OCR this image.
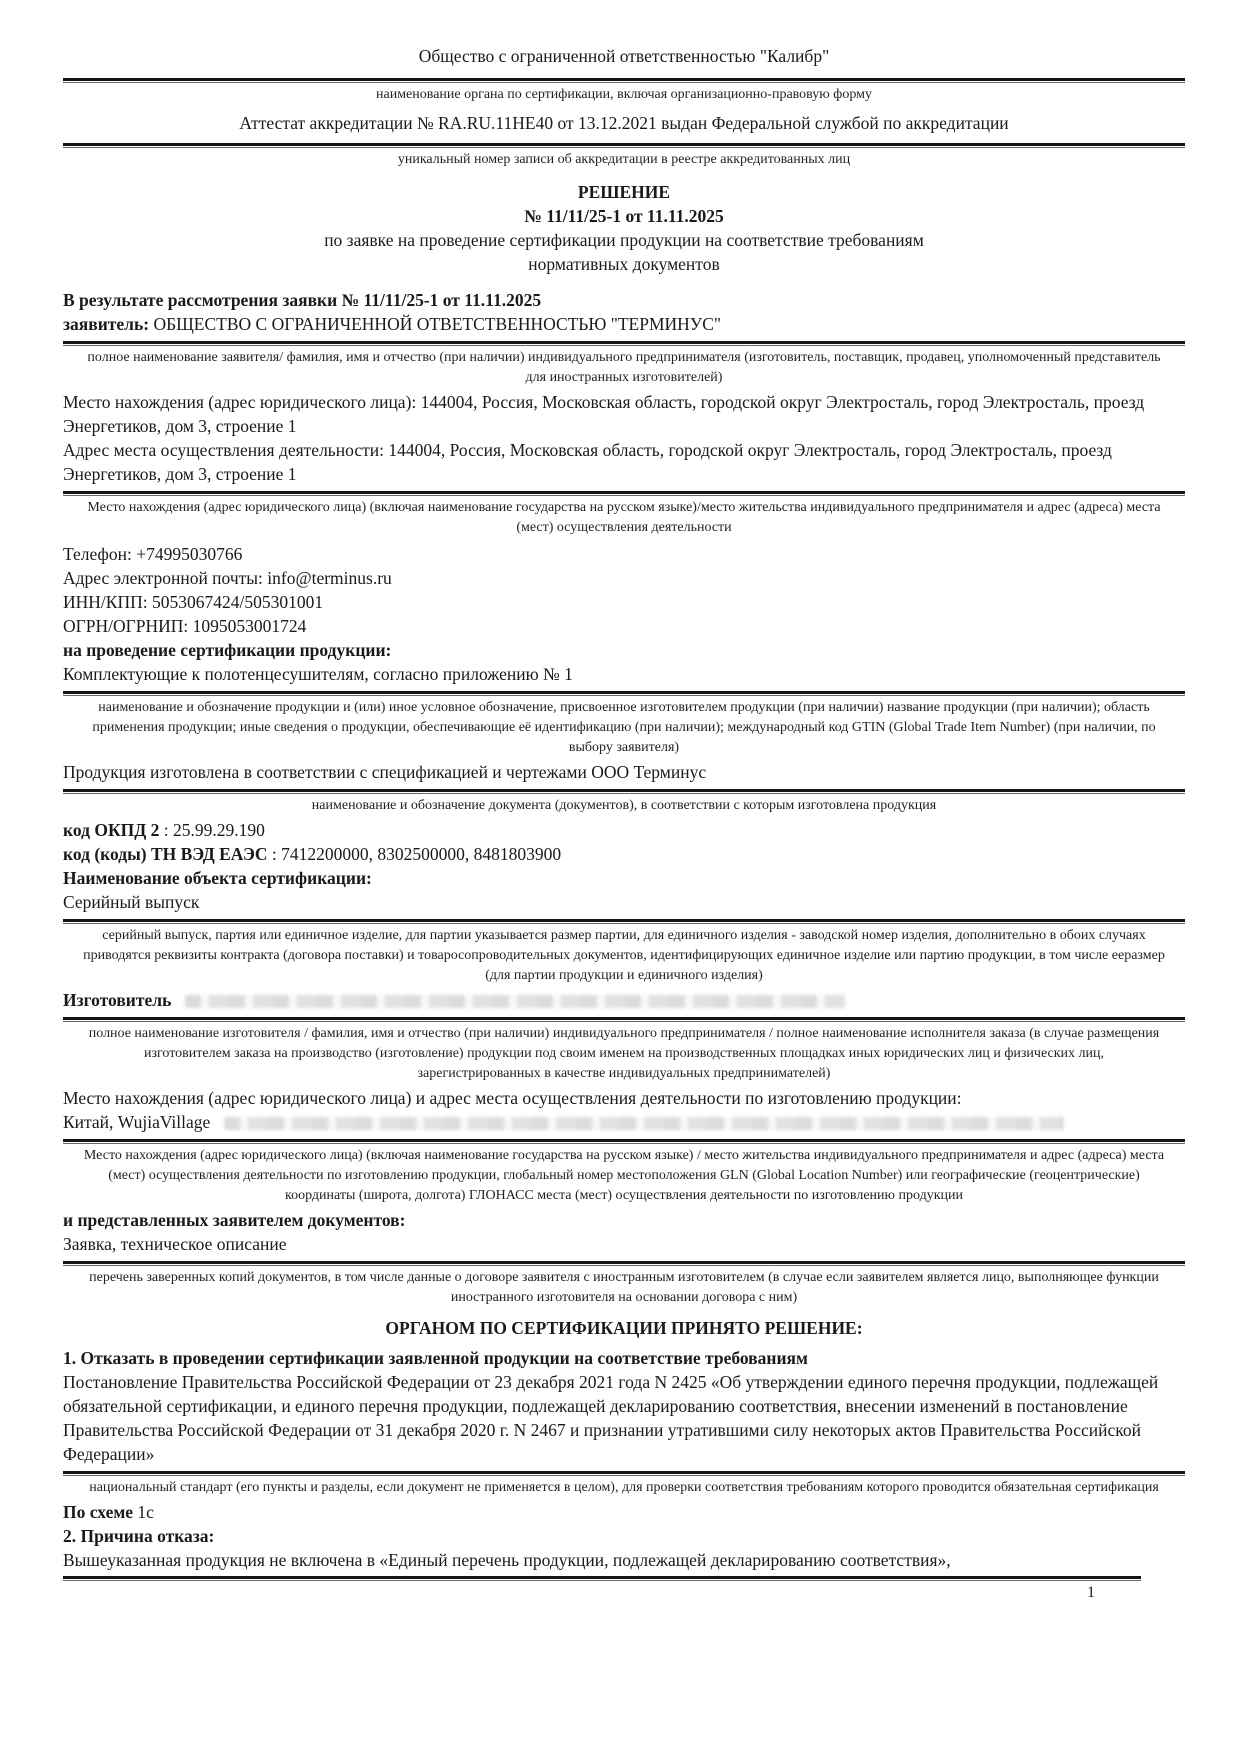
Общество с ограниченной ответственностью "Калибр"
наименование органа по сертификации, включая организационно-правовую форму
Аттестат аккредитации № RA.RU.11HE40 от 13.12.2021 выдан Федеральной службой по аккредитации
уникальный номер записи об аккредитации в реестре аккредитованных лиц
РЕШЕНИЕ
№ 11/11/25-1 от 11.11.2025
по заявке на проведение сертификации продукции на соответствие требованиям
нормативных документов
В результате рассмотрения заявки № 11/11/25-1 от 11.11.2025
заявитель: ОБЩЕСТВО С ОГРАНИЧЕННОЙ ОТВЕТСТВЕННОСТЬЮ "ТЕРМИНУС"
полное наименование заявителя/ фамилия, имя и отчество (при наличии) индивидуального предпринимателя (изготовитель, поставщик, продавец, уполномоченный представитель для иностранных изготовителей)
Место нахождения (адрес юридического лица): 144004, Россия, Московская область, городской округ Электросталь, город Электросталь, проезд Энергетиков, дом 3, строение 1
Адрес места осуществления деятельности: 144004, Россия, Московская область, городской округ Электросталь, город Электросталь, проезд Энергетиков, дом 3, строение 1
Место нахождения (адрес юридического лица) (включая наименование государства на русском языке)/место жительства индивидуального предпринимателя и адрес (адреса) места (мест) осуществления деятельности
Телефон: +74995030766
Адрес электронной почты: info@terminus.ru
ИНН/КПП: 5053067424/505301001
ОГРН/ОГРНИП: 1095053001724
на проведение сертификации продукции:
Комплектующие к полотенцесушителям, согласно приложению № 1
наименование и обозначение продукции и (или) иное условное обозначение, присвоенное изготовителем продукции (при наличии) название продукции (при наличии); область применения продукции; иные сведения о продукции, обеспечивающие её идентификацию (при наличии); международный код GTIN (Global Trade Item Number) (при наличии, по выбору заявителя)
Продукция изготовлена в соответствии с спецификацией и чертежами ООО Терминус
наименование и обозначение документа (документов), в соответствии с которым изготовлена продукция
код ОКПД 2 : 25.99.29.190
код (коды) ТН ВЭД ЕАЭС : 7412200000, 8302500000, 8481803900
Наименование объекта сертификации:
Серийный выпуск
серийный выпуск, партия или единичное изделие, для партии указывается размер партии, для единичного изделия - заводской номер изделия, дополнительно в обоих случаях приводятся реквизиты контракта (договора поставки) и товаросопроводительных документов, идентифицирующих единичное изделие или партию продукции, в том числе ееразмер (для партии продукции и единичного изделия)
Изготовитель
полное наименование изготовителя / фамилия, имя и отчество (при наличии) индивидуального предпринимателя / полное наименование исполнителя заказа (в случае размещения изготовителем заказа на производство (изготовление) продукции под своим именем на производственных площадках иных юридических лиц и физических лиц, зарегистрированных в качестве индивидуальных предпринимателей)
Место нахождения (адрес юридического лица) и адрес места осуществления деятельности по изготовлению продукции:
Китай, WujiaVillage
Место нахождения (адрес юридического лица) (включая наименование государства на русском языке) / место жительства индивидуального предпринимателя и адрес (адреса) места (мест) осуществления деятельности по изготовлению продукции, глобальный номер местоположения GLN (Global Location Number) или географические (геоцентрические) координаты (широта, долгота) ГЛОНАСС места (мест) осуществления деятельности по изготовлению продукции
и представленных заявителем документов:
Заявка, техническое описание
перечень заверенных копий документов, в том числе данные о договоре заявителя с иностранным изготовителем (в случае если заявителем является лицо, выполняющее функции иностранного изготовителя на основании договора с ним)
ОРГАНОМ ПО СЕРТИФИКАЦИИ ПРИНЯТО РЕШЕНИЕ:
1. Отказать в проведении сертификации заявленной продукции на соответствие требованиям
Постановление Правительства Российской Федерации от 23 декабря 2021 года N 2425 «Об утверждении единого перечня продукции, подлежащей обязательной сертификации, и единого перечня продукции, подлежащей декларированию соответствия, внесении изменений в постановление Правительства Российской Федерации от 31 декабря 2020 г. N 2467 и признании утратившими силу некоторых актов Правительства Российской Федерации»
национальный стандарт (его пункты и разделы, если документ не применяется в целом), для проверки соответствия требованиям которого проводится обязательная сертификация
По схеме 1с
2. Причина отказа:
Вышеуказанная продукция не включена в «Единый перечень продукции, подлежащей декларированию соответствия»,
1
